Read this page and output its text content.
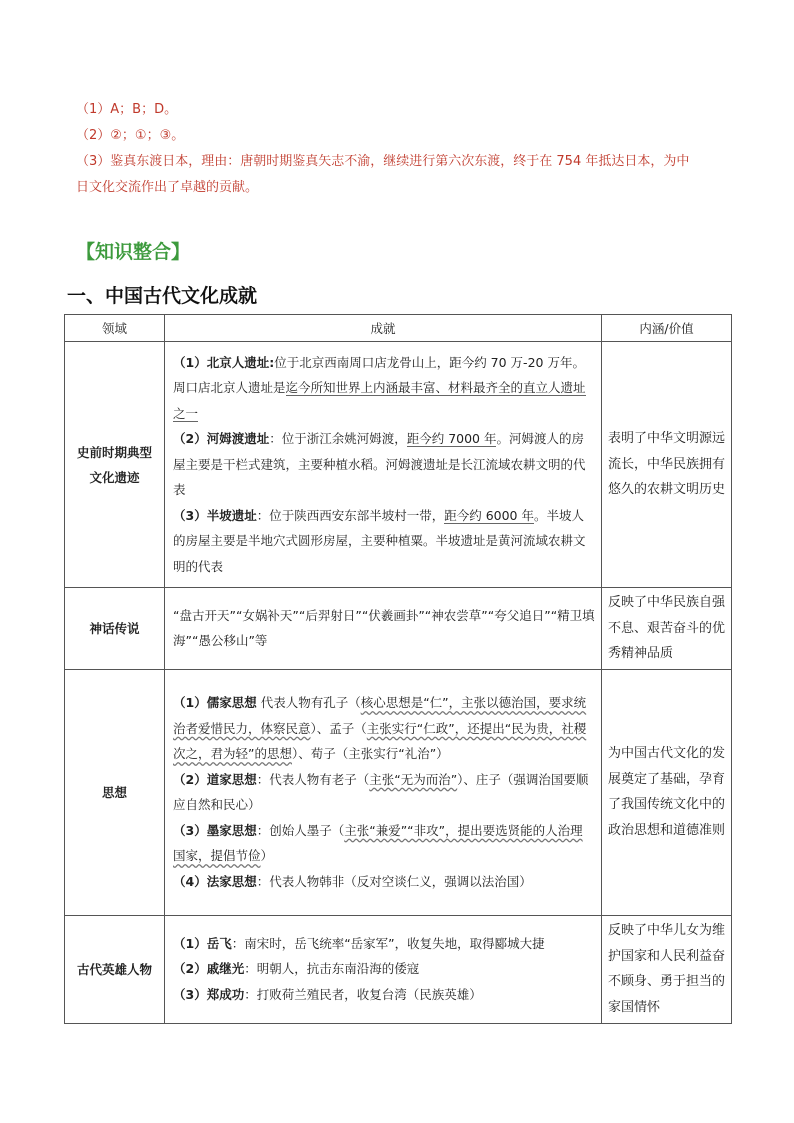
（1）A；B；D。

（2）②；①；③。

（3）鉴真东渡日本，理由：唐朝时期鉴真矢志不渝，继续进行第六次东渡，终于在 754 年抵达日本，为中

日文化交流作出了卓越的贡献。

【知识整合】
一、中国古代文化成就
领域	成就	内涵/价值
史前时期典型文化遗迹	（1）北京人遗址:位于北京西南周口店龙骨山上，距今约 70 万-20 万年。周口店北京人遗址是迄今所知世界上内涵最丰富、材料最齐全的直立人遗址之一

（2）河姆渡遗址：位于浙江余姚河姆渡，距今约 7000 年。河姆渡人的房屋主要是干栏式建筑，主要种植水稻。河姆渡遗址是长江流域农耕文明的代表

（3）半坡遗址：位于陕西西安东部半坡村一带，距今约 6000 年。半坡人的房屋主要是半地穴式圆形房屋，主要种植粟。半坡遗址是黄河流域农耕文明的代表	表明了中华文明源远流长，中华民族拥有悠久的农耕文明历史
神话传说	“盘古开天”“女娲补天”“后羿射日”“伏羲画卦”“神农尝草”“夸父追日”“精卫填海”“愚公移山”等	反映了中华民族自强不息、艰苦奋斗的优秀精神品质
思想	（1）儒家思想 代表人物有孔子（核心思想是“仁”，主张以德治国，要求统治者爱惜民力，体察民意）、孟子（主张实行“仁政”，还提出“民为贵，社稷次之，君为轻”的思想）、荀子（主张实行“礼治”）

（2）道家思想：代表人物有老子（主张“无为而治”）、庄子（强调治国要顺应自然和民心）

（3）墨家思想：创始人墨子（主张“兼爱”“非攻”，提出要选贤能的人治理国家，提倡节俭）

（4）法家思想：代表人物韩非（反对空谈仁义，强调以法治国）	为中国古代文化的发展奠定了基础，孕育了我国传统文化中的政治思想和道德准则
古代英雄人物	（1）岳飞：南宋时，岳飞统率“岳家军”，收复失地，取得郾城大捷

（2）戚继光：明朝人，抗击东南沿海的倭寇

（3）郑成功：打败荷兰殖民者，收复台湾（民族英雄）	反映了中华儿女为维护国家和人民利益奋不顾身、勇于担当的家国情怀
